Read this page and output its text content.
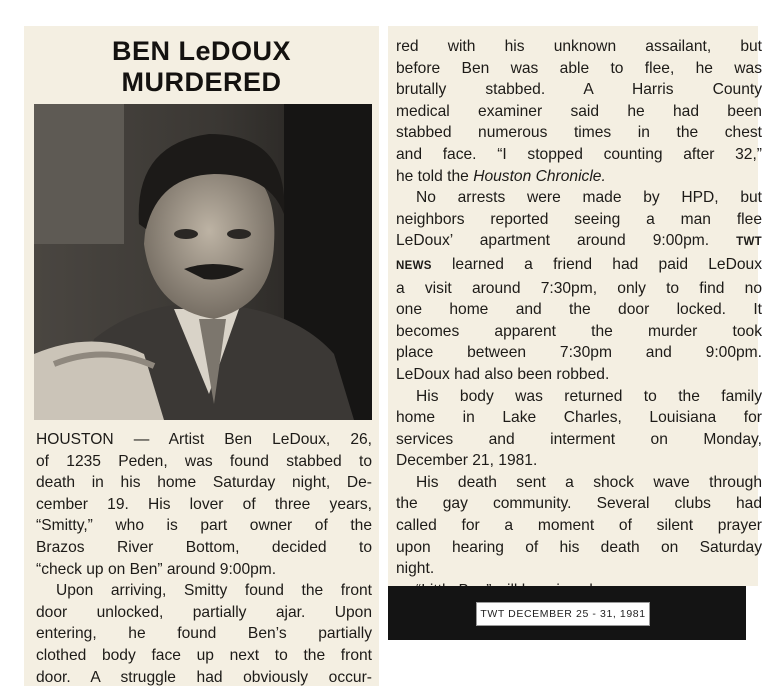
BEN LeDOUX
MURDERED
HOUSTON — Artist Ben LeDoux, 26,
of 1235 Peden, was found stabbed to
death in his home Saturday night, De-
cember 19. His lover of three years,
“Smitty,” who is part owner of the
Brazos River Bottom, decided to
“check up on Ben” around 9:00pm.
Upon arriving, Smitty found the front
door unlocked, partially ajar. Upon
entering, he found Ben’s partially
clothed body face up next to the front
door. A struggle had obviously occur-
red with his unknown assailant, but
before Ben was able to flee, he was
brutally stabbed. A Harris County
medical examiner said he had been
stabbed numerous times in the chest
and face. “I stopped counting after 32,”
he told the Houston Chronicle.
No arrests were made by HPD, but
neighbors reported seeing a man flee
LeDoux’ apartment around 9:00pm. TWT
NEWS learned a friend had paid LeDoux
a visit around 7:30pm, only to find no
one home and the door locked. It
becomes apparent the murder took
place between 7:30pm and 9:00pm.
LeDoux had also been robbed.
His body was returned to the family
home in Lake Charles, Louisiana for
services and interment on Monday,
December 21, 1981.
His death sent a shock wave through
the gay community. Several clubs had
called for a moment of silent prayer
upon hearing of his death on Saturday
night.
TWT DECEMBER 25 - 31, 1981
